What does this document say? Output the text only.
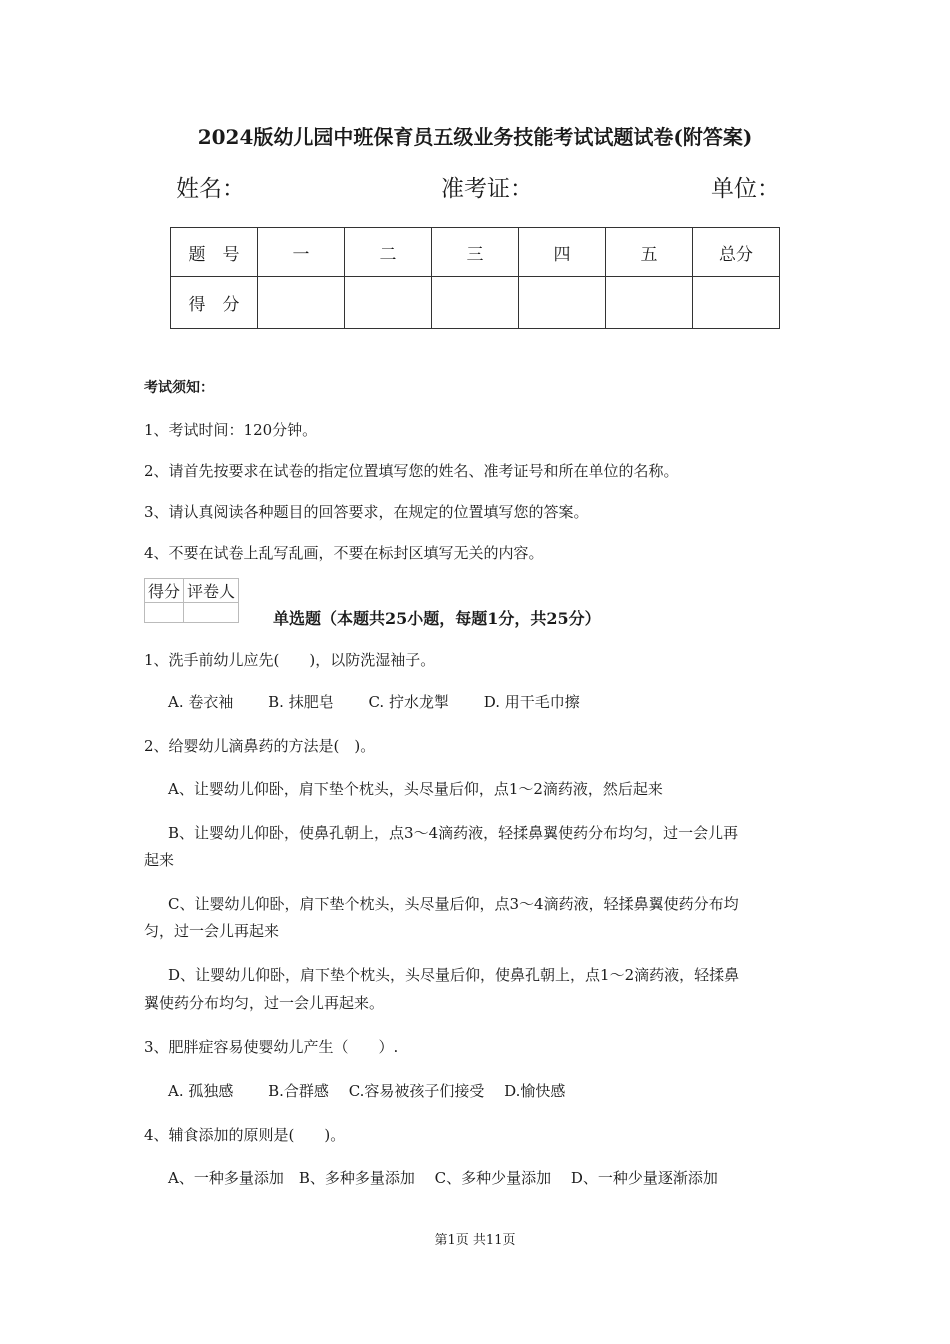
2024版幼儿园中班保育员五级业务技能考试试题试卷(附答案)
姓名：	准考证：	单位：
题　号	一	二	三	四	五	总分
得　分						
考试须知：
1、考试时间：120分钟。
2、请首先按要求在试卷的指定位置填写您的姓名、准考证号和所在单位的名称。
3、请认真阅读各种题目的回答要求，在规定的位置填写您的答案。
4、不要在试卷上乱写乱画，不要在标封区填写无关的内容。
得分	评卷人

单选题（本题共25小题，每题1分，共25分）
1、洗手前幼儿应先(　　)，以防洗湿袖子。
A. 卷衣袖　　 B. 抹肥皂　　 C. 拧水龙掣　　 D. 用干毛巾擦
2、给婴幼儿滴鼻药的方法是(　)。
A、让婴幼儿仰卧，肩下垫个枕头，头尽量后仰，点1～2滴药液，然后起来
B、让婴幼儿仰卧，使鼻孔朝上，点3～4滴药液，轻揉鼻翼使药分布均匀，过一会儿再
起来
C、让婴幼儿仰卧，肩下垫个枕头，头尽量后仰，点3～4滴药液，轻揉鼻翼使药分布均
匀，过一会儿再起来
D、让婴幼儿仰卧，肩下垫个枕头，头尽量后仰，使鼻孔朝上，点1～2滴药液，轻揉鼻
翼使药分布均匀，过一会儿再起来。
3、肥胖症容易使婴幼儿产生（　　）.
A. 孤独感　　 B.合群感　 C.容易被孩子们接受　 D.愉快感
4、辅食添加的原则是(　　)。
A、一种多量添加　B、多种多量添加　 C、多种少量添加　 D、一种少量逐渐添加
第1页 共11页
